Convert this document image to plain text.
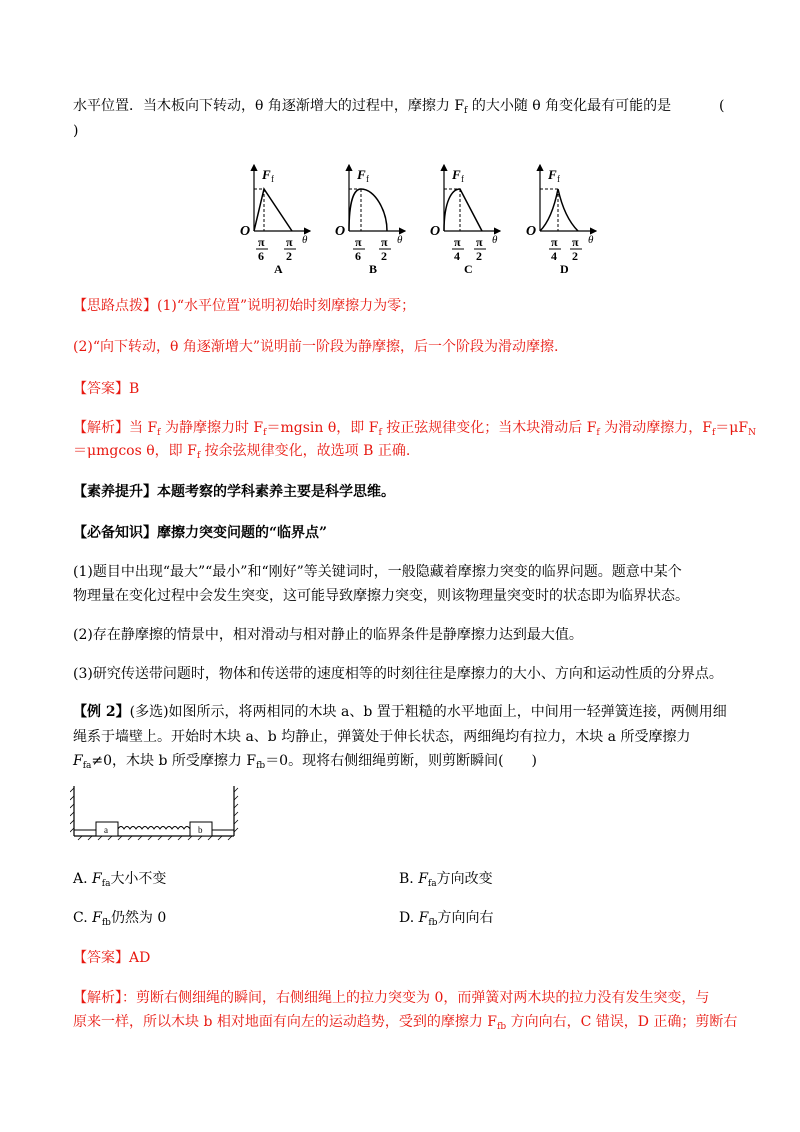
水平位置．当木板向下转动，θ 角逐渐增大的过程中，摩擦力 $F_f$ 的大小随 θ 角变化最有可能的是	(
)
F f
O
π
6
π
2
θ
A
F f
O
π
6
π
2
θ
B
F f
O
π
4
π
2
θ
C
F f
O
π
4
π
2
θ
D
【思路点拨】(1)“水平位置”说明初始时刻摩擦力为零；
(2)“向下转动，θ 角逐渐增大”说明前一阶段为静摩擦，后一个阶段为滑动摩擦.
【答案】B
【解析】当 $F_f$ 为静摩擦力时 $F_f=mgsin$ θ，即 $F_f$ 按正弦规律变化；当木块滑动后 $F_f$ 为滑动摩擦力，$F_f=\mu F_N$
＝μmgcos θ，即 $F_f$ 按余弦规律变化，故选项 B 正确.
【素养提升】本题考察的学科素养主要是科学思维。
【必备知识】摩擦力突变问题的“临界点”
(1)题目中出现“最大”“最小”和“刚好”等关键词时，一般隐藏着摩擦力突变的临界问题。题意中某个
物理量在变化过程中会发生突变，这可能导致摩擦力突变，则该物理量突变时的状态即为临界状态。
(2)存在静摩擦的情景中，相对滑动与相对静止的临界条件是静摩擦力达到最大值。
(3)研究传送带问题时，物体和传送带的速度相等的时刻往往是摩擦力的大小、方向和运动性质的分界点。
【例 2】(多选)如图所示，将两相同的木块 a、b 置于粗糙的水平地面上，中间用一轻弹簧连接，两侧用细
绳系于墙壁上。开始时木块 a、b 均静止，弹簧处于伸长状态，两细绳均有拉力，木块 a 所受摩擦力
$F_{fa}\ne 0$，木块 b 所受摩擦力 $F_{fb}=0$。现将右侧细绳剪断，则剪断瞬间(　　)
a	b
A. $F_{fa}$大小不变	B. $F_{fa}$方向改变
C. $F_{fb}$仍然为 0	D. $F_{fb}$方向向右
【答案】AD
【解析】：剪断右侧细绳的瞬间，右侧细绳上的拉力突变为 0，而弹簧对两木块的拉力没有发生突变，与
原来一样，所以木块 b 相对地面有向左的运动趋势，受到的摩擦力 $F_{fb}$ 方向向右，C 错误，D 正确；剪断右
